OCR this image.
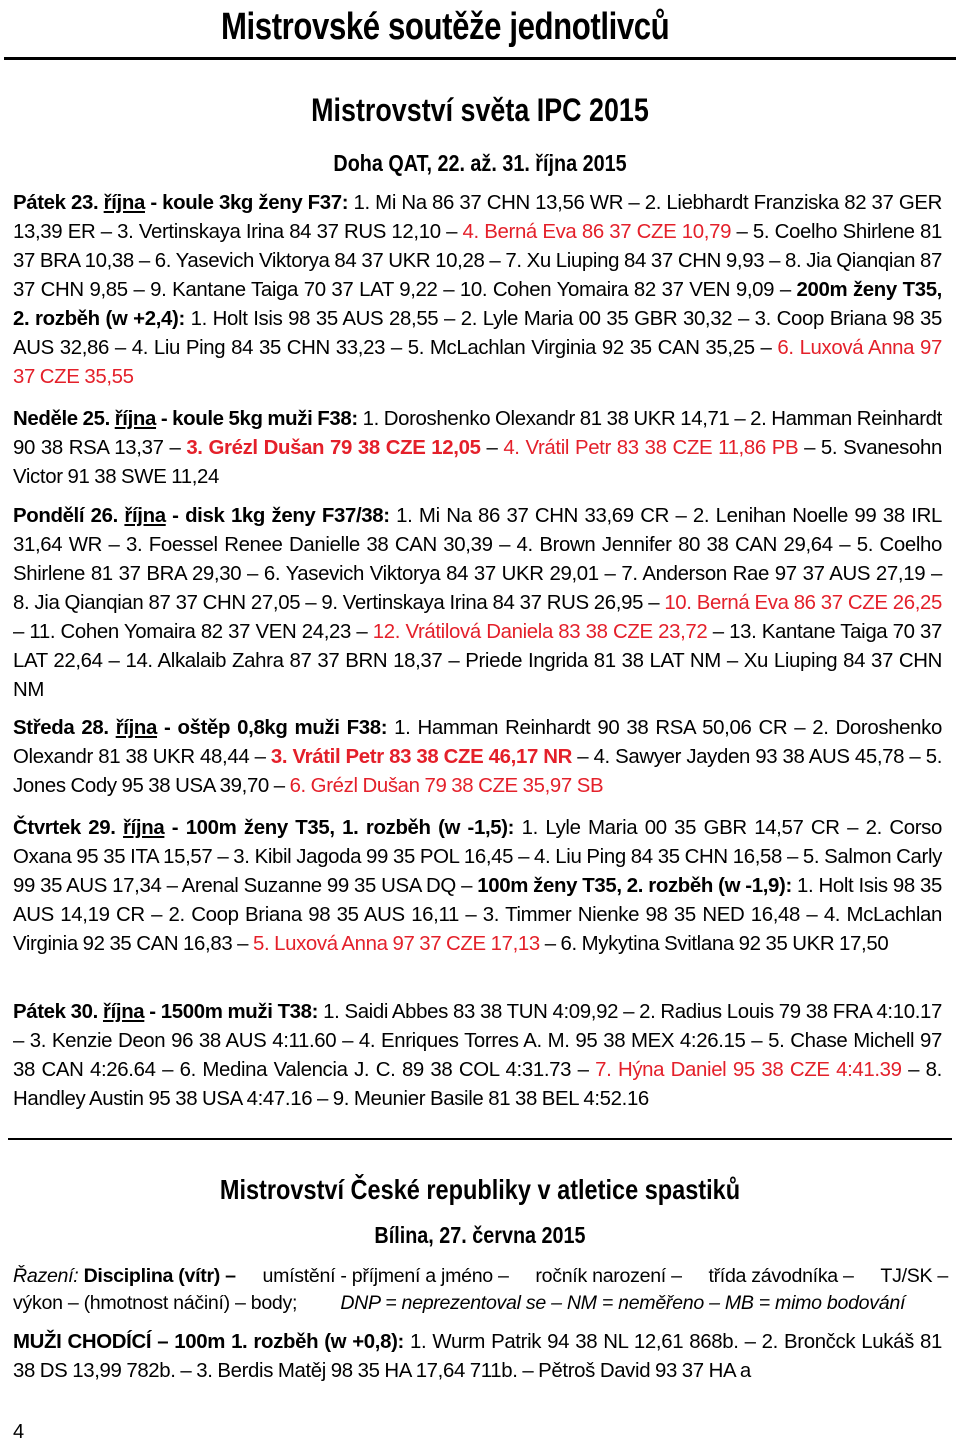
Mistrovské soutěže jednotlivců
Mistrovství světa IPC 2015
Doha QAT, 22. až. 31. října 2015
Pátek 23. října - koule 3kg ženy F37: 1. Mi Na 86 37 CHN 13,56 WR – 2. Liebhardt Franziska 82 37 GER 13,39 ER – 3. Vertinskaya Irina 84 37 RUS 12,10 – 4. Berná Eva 86 37 CZE 10,79 – 5. Coelho Shirlene 81 37 BRA 10,38 – 6. Yasevich Viktorya 84 37 UKR 10,28 – 7. Xu Liuping 84 37 CHN 9,93 – 8. Jia Qianqian 87 37 CHN 9,85 – 9. Kantane Taiga 70 37 LAT 9,22 – 10. Cohen Yomaira 82 37 VEN 9,09 – 200m ženy T35, 2. rozběh (w +2,4): 1. Holt Isis 98 35 AUS 28,55 – 2. Lyle Maria 00 35 GBR 30,32 – 3. Coop Briana 98 35 AUS 32,86 – 4. Liu Ping 84 35 CHN 33,23 – 5. McLachlan Virginia 92 35 CAN 35,25 – 6. Luxová Anna 97 37 CZE 35,55
Neděle 25. října - koule 5kg muži F38: 1. Doroshenko Olexandr 81 38 UKR 14,71 – 2. Hamman Reinhardt 90 38 RSA 13,37 – 3. Grézl Dušan 79 38 CZE 12,05 – 4. Vrátil Petr 83 38 CZE 11,86 PB – 5. Svanesohn Victor 91 38 SWE 11,24
Pondělí 26. října - disk 1kg ženy F37/38: 1. Mi Na 86 37 CHN 33,69 CR – 2. Lenihan Noelle 99 38 IRL 31,64 WR – 3. Foessel Renee Danielle 38 CAN 30,39 – 4. Brown Jennifer 80 38 CAN 29,64 – 5. Coelho Shirlene 81 37 BRA 29,30 – 6. Yasevich Viktorya 84 37 UKR 29,01 – 7. Anderson Rae 97 37 AUS 27,19 – 8. Jia Qianqian 87 37 CHN 27,05 – 9. Vertinskaya Irina 84 37 RUS 26,95 – 10. Berná Eva 86 37 CZE 26,25 – 11. Cohen Yomaira 82 37 VEN 24,23 – 12. Vrátilová Daniela 83 38 CZE 23,72 – 13. Kantane Taiga 70 37 LAT 22,64 – 14. Alkalaib Zahra 87 37 BRN 18,37 – Priede Ingrida 81 38 LAT NM – Xu Liuping 84 37 CHN NM
Středa 28. října - oštěp 0,8kg muži F38: 1. Hamman Reinhardt 90 38 RSA 50,06 CR – 2. Doroshenko Olexandr 81 38 UKR 48,44 – 3. Vrátil Petr 83 38 CZE 46,17 NR – 4. Sawyer Jayden 93 38 AUS 45,78 – 5. Jones Cody 95 38 USA 39,70 – 6. Grézl Dušan 79 38 CZE 35,97 SB
Čtvrtek 29. října - 100m ženy T35, 1. rozběh (w -1,5): 1. Lyle Maria 00 35 GBR 14,57 CR – 2. Corso Oxana 95 35 ITA 15,57 – 3. Kibil Jagoda 99 35 POL 16,45 – 4. Liu Ping 84 35 CHN 16,58 – 5. Salmon Carly 99 35 AUS 17,34 – Arenal Suzanne 99 35 USA DQ – 100m ženy T35, 2. rozběh (w -1,9): 1. Holt Isis 98 35 AUS 14,19 CR – 2. Coop Briana 98 35 AUS 16,11 – 3. Timmer Nienke 98 35 NED 16,48 – 4. McLachlan Virginia 92 35 CAN 16,83 – 5. Luxová Anna 97 37 CZE 17,13 – 6. Mykytina Svitlana 92 35 UKR 17,50
Pátek 30. října - 1500m muži T38: 1. Saidi Abbes 83 38 TUN 4:09,92 – 2. Radius Louis 79 38 FRA 4:10.17 – 3. Kenzie Deon 96 38 AUS 4:11.60 – 4. Enriques Torres A. M. 95 38 MEX 4:26.15 – 5. Chase Michell 97 38 CAN 4:26.64 – 6. Medina Valencia J. C. 89 38 COL 4:31.73 – 7. Hýna Daniel 95 38 CZE 4:41.39 – 8. Handley Austin 95 38 USA 4:47.16 – 9. Meunier Basile 81 38 BEL 4:52.16
Mistrovství České republiky v atletice spastiků
Bílina, 27. června 2015
Řazení: Disciplina (vítr) – umístění - příjmení a jméno – ročník narození – třída závodníka – TJ/SK –
výkon – (hmotnost náčiní) – body; DNP = neprezentoval se – NM = neměřeno – MB = mimo bodování
MUŽI CHODÍCÍ – 100m 1. rozběh (w +0,8): 1. Wurm Patrik 94 38 NL 12,61 868b. – 2. Brončck Lukáš 81 38 DS 13,99 782b. – 3. Berdis Matěj 98 35 HA 17,64 711b. – Pětroš David 93 37 HA a
4
